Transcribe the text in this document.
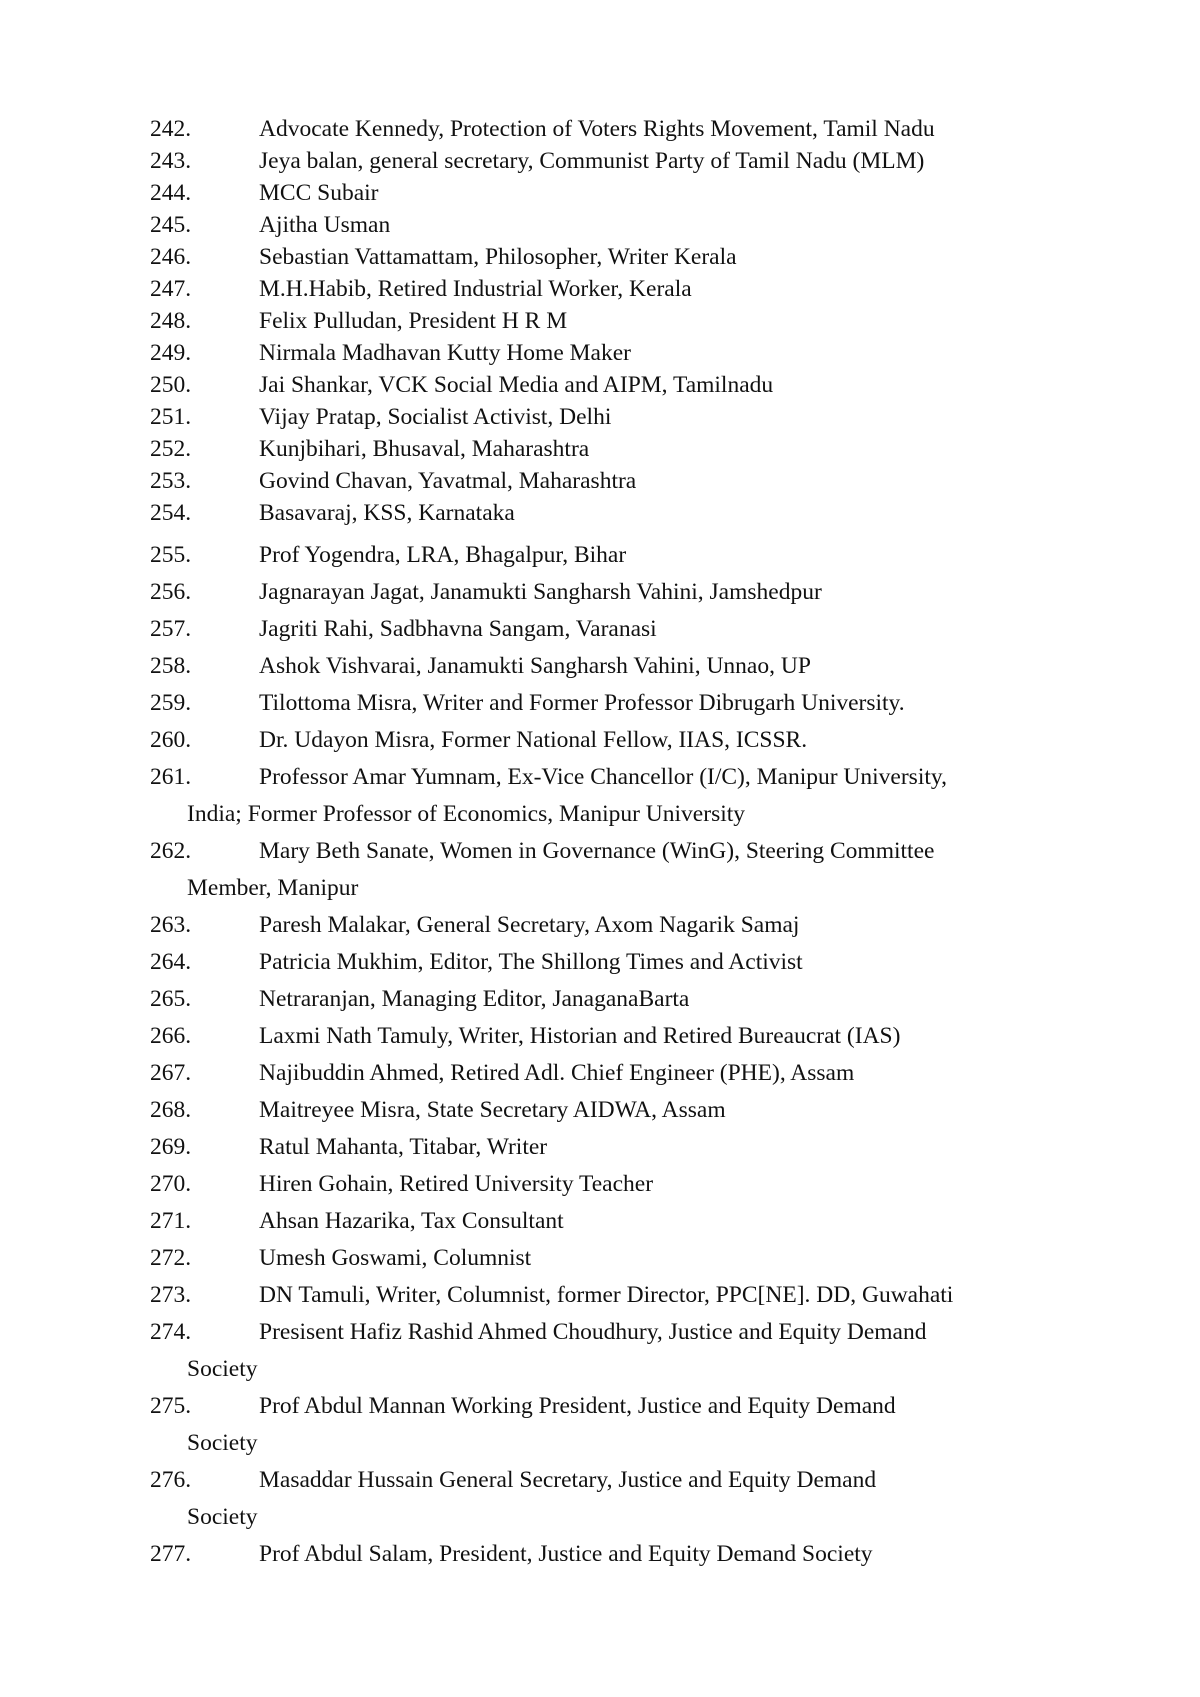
242.	Advocate Kennedy, Protection of Voters Rights Movement, Tamil Nadu
243.	Jeya balan, general secretary, Communist Party of Tamil Nadu (MLM)
244.	MCC Subair
245.	Ajitha Usman
246.	Sebastian Vattamattam, Philosopher, Writer Kerala
247.	M.H.Habib, Retired Industrial Worker, Kerala
248.	Felix Pulludan, President H R M
249.	Nirmala Madhavan Kutty Home Maker
250.	Jai Shankar, VCK Social Media and AIPM, Tamilnadu
251.	Vijay Pratap, Socialist Activist, Delhi
252.	Kunjbihari, Bhusaval, Maharashtra
253.	Govind Chavan, Yavatmal, Maharashtra
254.	Basavaraj, KSS, Karnataka
255.	Prof Yogendra, LRA, Bhagalpur, Bihar
256.	Jagnarayan Jagat, Janamukti Sangharsh Vahini, Jamshedpur
257.	Jagriti Rahi, Sadbhavna Sangam, Varanasi
258.	Ashok Vishvarai, Janamukti Sangharsh Vahini, Unnao, UP
259.	Tilottoma Misra, Writer and Former Professor Dibrugarh University.
260.	Dr. Udayon Misra, Former National Fellow, IIAS, ICSSR.
261.	Professor Amar Yumnam, Ex-Vice Chancellor (I/C), Manipur University,
India; Former Professor of Economics, Manipur University
262.	Mary Beth Sanate, Women in Governance (WinG), Steering Committee
Member, Manipur
263.	Paresh Malakar, General Secretary, Axom Nagarik Samaj
264.	Patricia Mukhim, Editor, The Shillong Times and Activist
265.	Netraranjan, Managing Editor, JanaganaBarta
266.	Laxmi Nath Tamuly, Writer, Historian and Retired Bureaucrat (IAS)
267.	Najibuddin Ahmed, Retired Adl. Chief Engineer (PHE), Assam
268.	Maitreyee Misra, State Secretary AIDWA, Assam
269.	Ratul Mahanta, Titabar, Writer
270.	Hiren Gohain, Retired University Teacher
271.	Ahsan Hazarika, Tax Consultant
272.	Umesh Goswami, Columnist
273.	DN Tamuli, Writer, Columnist, former Director, PPC[NE]. DD, Guwahati
274.	Presisent Hafiz Rashid Ahmed Choudhury, Justice and Equity Demand
Society
275.	Prof Abdul Mannan Working President, Justice and Equity Demand
Society
276.	Masaddar Hussain General Secretary, Justice and Equity Demand
Society
277.	Prof Abdul Salam, President, Justice and Equity Demand Society
